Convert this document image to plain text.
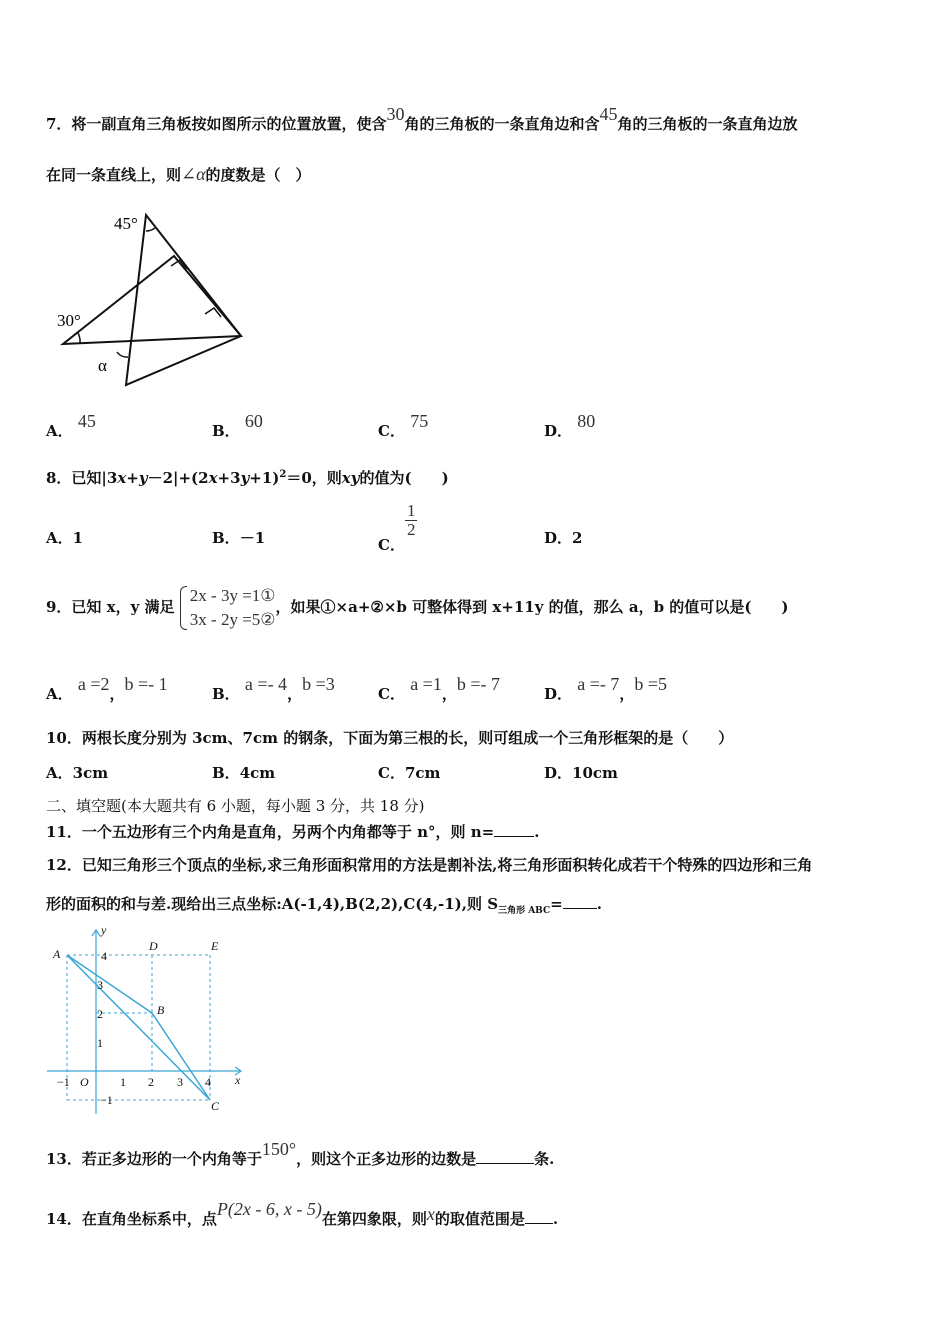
7．将一副直角三角板按如图所示的位置放置，使含30角的三角板的一条直角边和含45角的三角板的一条直角边放
在同一条直线上，则∠α的度数是（　）
45°
30°
α
A． 45	B． 60	C． 75	D． 80
8．已知$|3x+y-2|+(2x+3y+1)^2=0$，则xy的值为(　　)
A．1	B．－1	C．
$\frac{1}{2}$	D．2
9．已知 x，y 满足
2x - 3y =1①
3x - 2y =5②
，如果①×a+②×b 可整体得到 x+11y 的值，那么 a，b 的值可以是(　　)
A． a =2，b =- 1	B． a =- 4，b =3	C． a =1，b =- 7	D． a =- 7，b =5
10．两根长度分别为 3cm、7cm 的钢条，下面为第三根的长，则可组成一个三角形框架的是（　　）
A．3cm	B．4cm	C．7cm	D．10cm
二、填空题(本大题共有 6 小题，每小题 3 分，共 18 分)
11．一个五边形有三个内角是直角，另两个内角都等于 n°，则 n=	.
12．已知三角形三个顶点的坐标,求三角形面积常用的方法是割补法,将三角形面积转化成若干个特殊的四边形和三角
形的面积的和与差.现给出三点坐标:A(-1,4),B(2,2),C(4,-1),则 $S_{三角形 ABC}=$ .
A
B
C
D	E
O	x
y
−1	1 2 3 4
4
3
2
1
−1
13．若正多边形的一个内角等于150°，则这个正多边形的边数是	条.
14．在直角坐标系中，点P(2x - 6, x - 5)在第四象限，则x的取值范围是 .
